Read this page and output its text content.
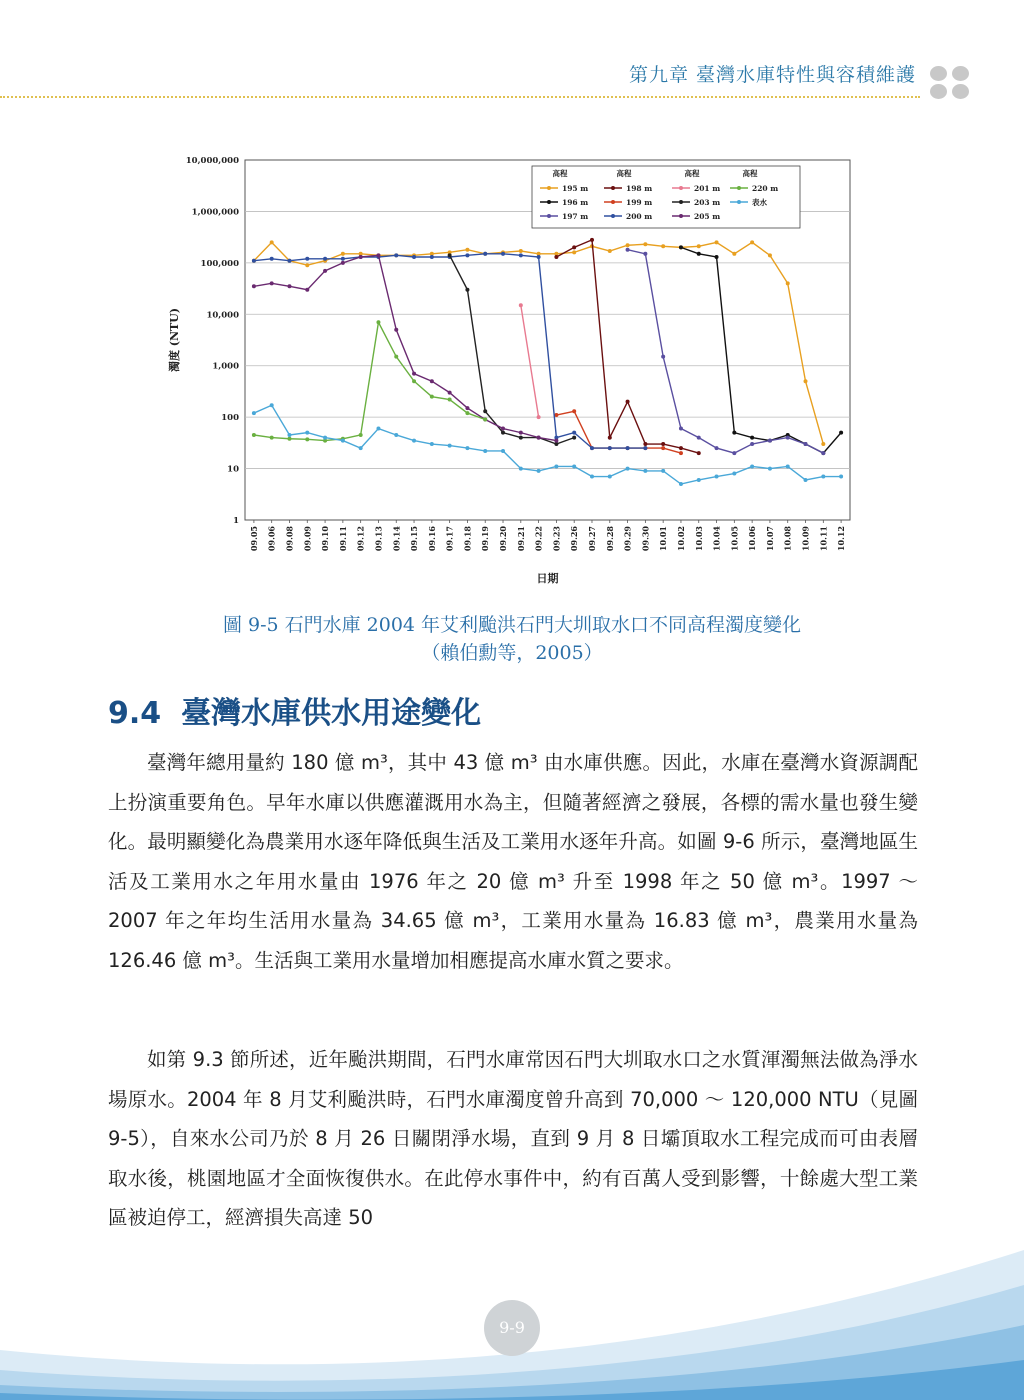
第九章 臺灣水庫特性與容積維護
1
10
100
1,000
10,000
100,000
1,000,000
10,000,000
09.05 09.06 09.08 09.09 09.10 09.11 09.12 09.13 09.14 09.15 09.16 09.17 09.18 09.19 09.20 09.21 09.22 09.23 09.26 09.27 09.28 09.29 09.30 10.01 10.02 10.03 10.04 10.05 10.06 10.07 10.08 10.09 10.11 10.12
日期
濁度 (NTU)
高程	高程	高程	高程
195 m	198 m	201 m	220 m
196 m	199 m	203 m	表水
197 m	200 m	205 m
圖 9-5 石門水庫 2004 年艾利颱洪石門大圳取水口不同高程濁度變化
（賴伯勳等，2005）
9.4 臺灣水庫供水用途變化

臺灣年總用量約 180 億 m³，其中 43 億 m³ 由水庫供應。因此，水庫在臺灣水資源調配上扮演重要角色。早年水庫以供應灌溉用水為主，但隨著經濟之發展，各標的需水量也發生變化。最明顯變化為農業用水逐年降低與生活及工業用水逐年升高。如圖 9-6 所示，臺灣地區生活及工業用水之年用水量由 1976 年之 20 億 m³ 升至 1998 年之 50 億 m³。1997 ～ 2007 年之年均生活用水量為 34.65 億 m³，工業用水量為 16.83 億 m³，農業用水量為 126.46 億 m³。生活與工業用水量增加相應提高水庫水質之要求。

如第 9.3 節所述，近年颱洪期間，石門水庫常因石門大圳取水口之水質渾濁無法做為淨水場原水。2004 年 8 月艾利颱洪時，石門水庫濁度曾升高到 70,000 ～ 120,000 NTU（見圖 9-5），自來水公司乃於 8 月 26 日關閉淨水場，直到 9 月 8 日壩頂取水工程完成而可由表層取水後，桃園地區才全面恢復供水。在此停水事件中，約有百萬人受到影響，十餘處大型工業區被迫停工，經濟損失高達 50

9-9
